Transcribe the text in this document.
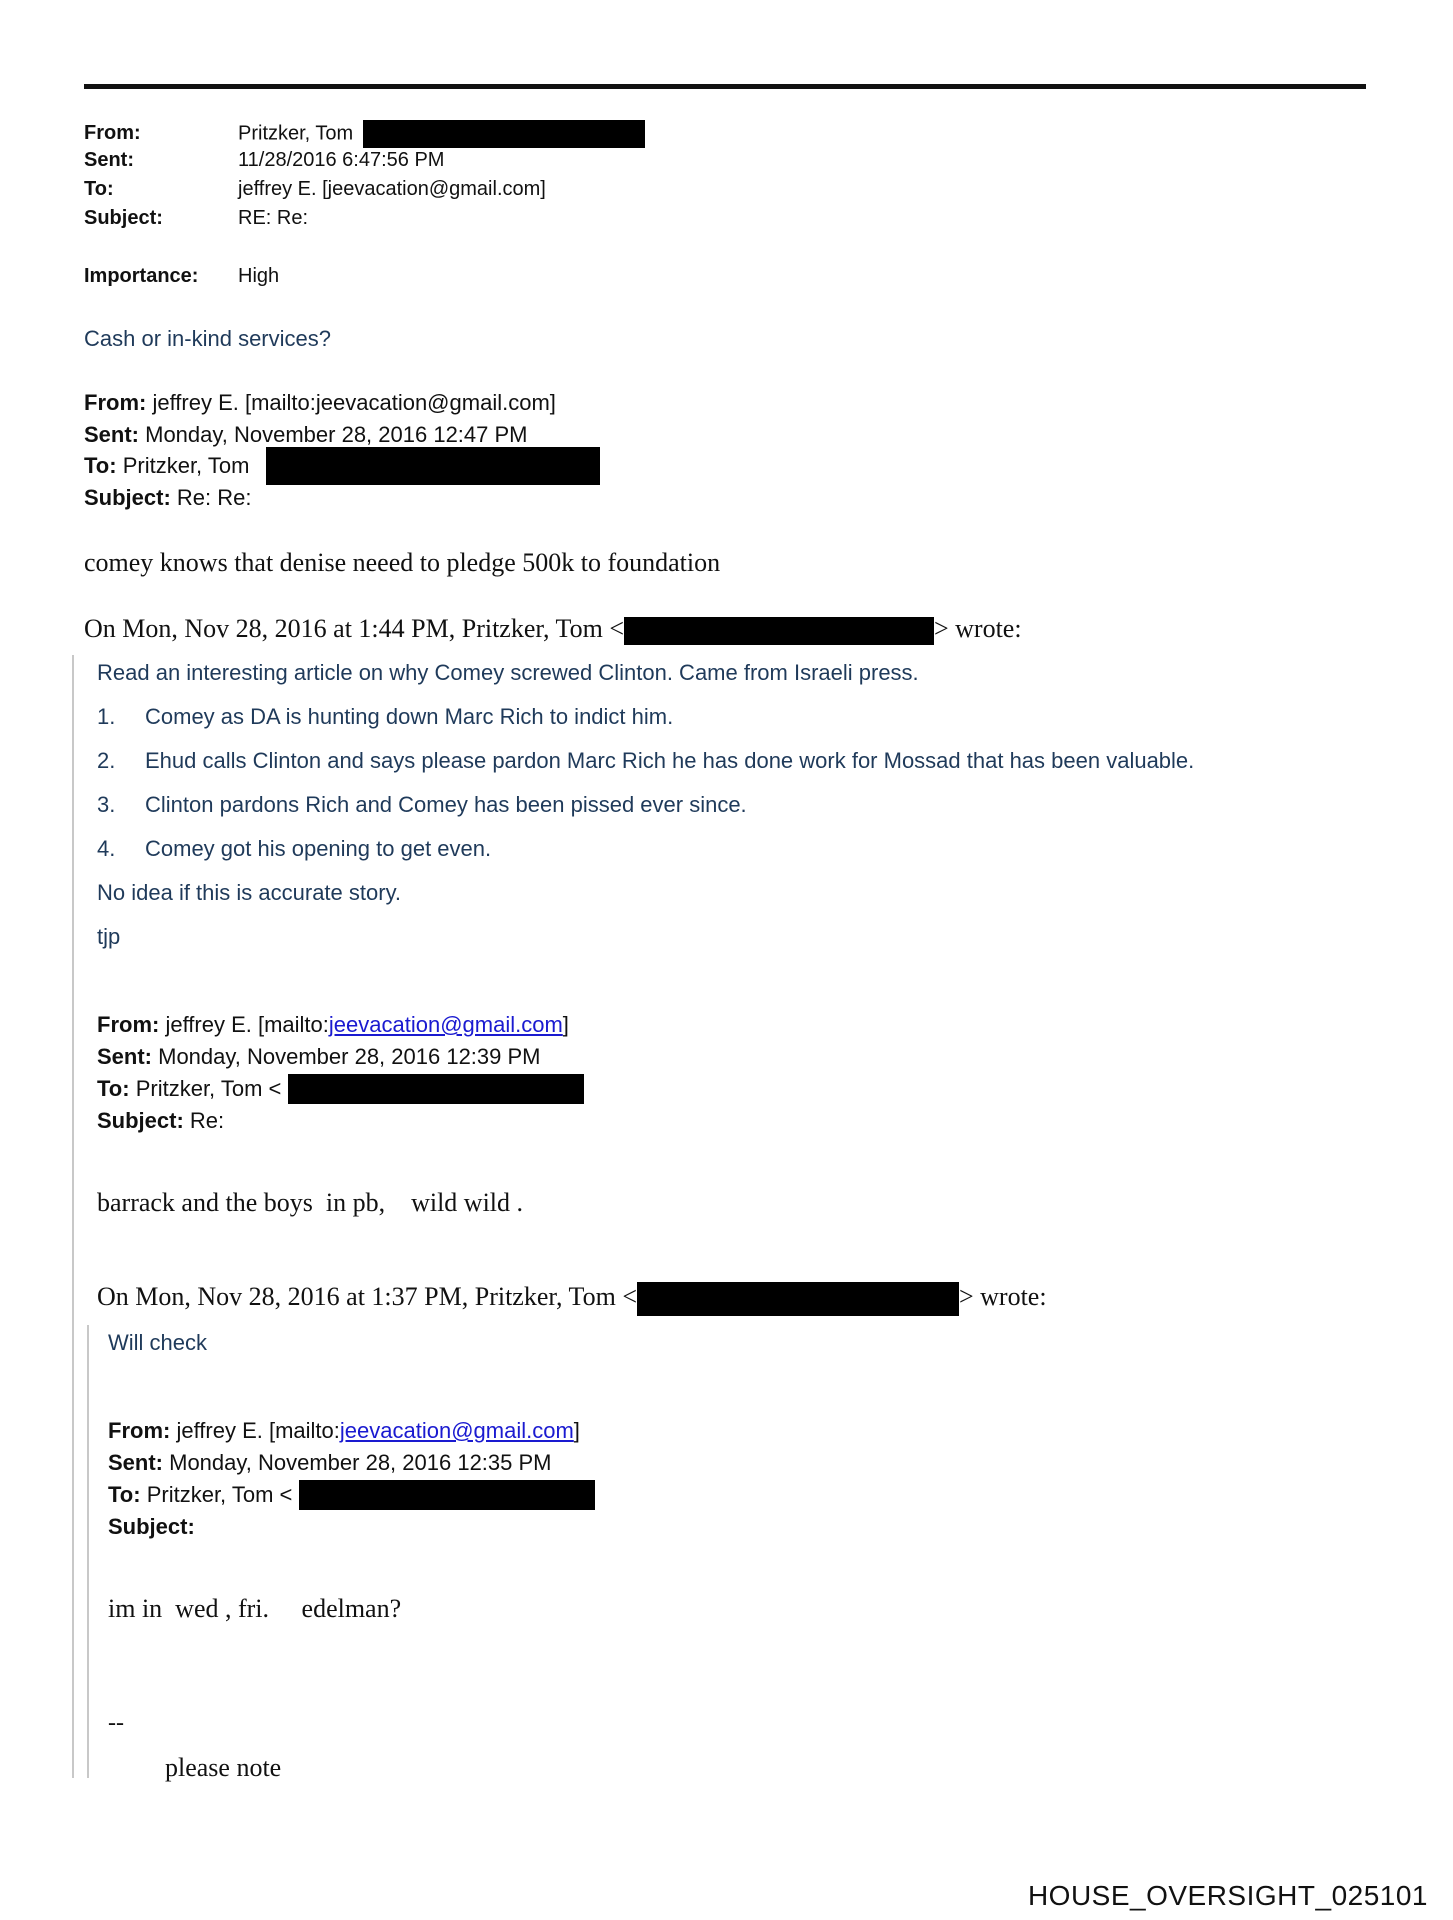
From:	Pritzker, Tom
Sent:	11/28/2016 6:47:56 PM
To:	jeffrey E. [jeevacation@gmail.com]
Subject:	RE: Re:
Importance: High
Cash or in-kind services?
From: jeffrey E. [mailto:jeevacation@gmail.com]
Sent: Monday, November 28, 2016 12:47 PM
To: Pritzker, Tom
Subject: Re: Re:
comey knows that denise neeed to pledge 500k to foundation
On Mon, Nov 28, 2016 at 1:44 PM, Pritzker, Tom <	> wrote:
Read an interesting article on why Comey screwed Clinton. Came from Israeli press.
1. Comey as DA is hunting down Marc Rich to indict him.
2. Ehud calls Clinton and says please pardon Marc Rich he has done work for Mossad that has been valuable.
3. Clinton pardons Rich and Comey has been pissed ever since.
4. Comey got his opening to get even.
No idea if this is accurate story.
tjp
From: jeffrey E. [mailto:jeevacation@gmail.com]
Sent: Monday, November 28, 2016 12:39 PM
To: Pritzker, Tom <
Subject: Re:
barrack and the boys  in pb,    wild wild .
On Mon, Nov 28, 2016 at 1:37 PM, Pritzker, Tom <	> wrote:
Will check
From: jeffrey E. [mailto:jeevacation@gmail.com]
Sent: Monday, November 28, 2016 12:35 PM
To: Pritzker, Tom <
Subject:
im in  wed , fri.     edelman?
--
please note
HOUSE_OVERSIGHT_025101
